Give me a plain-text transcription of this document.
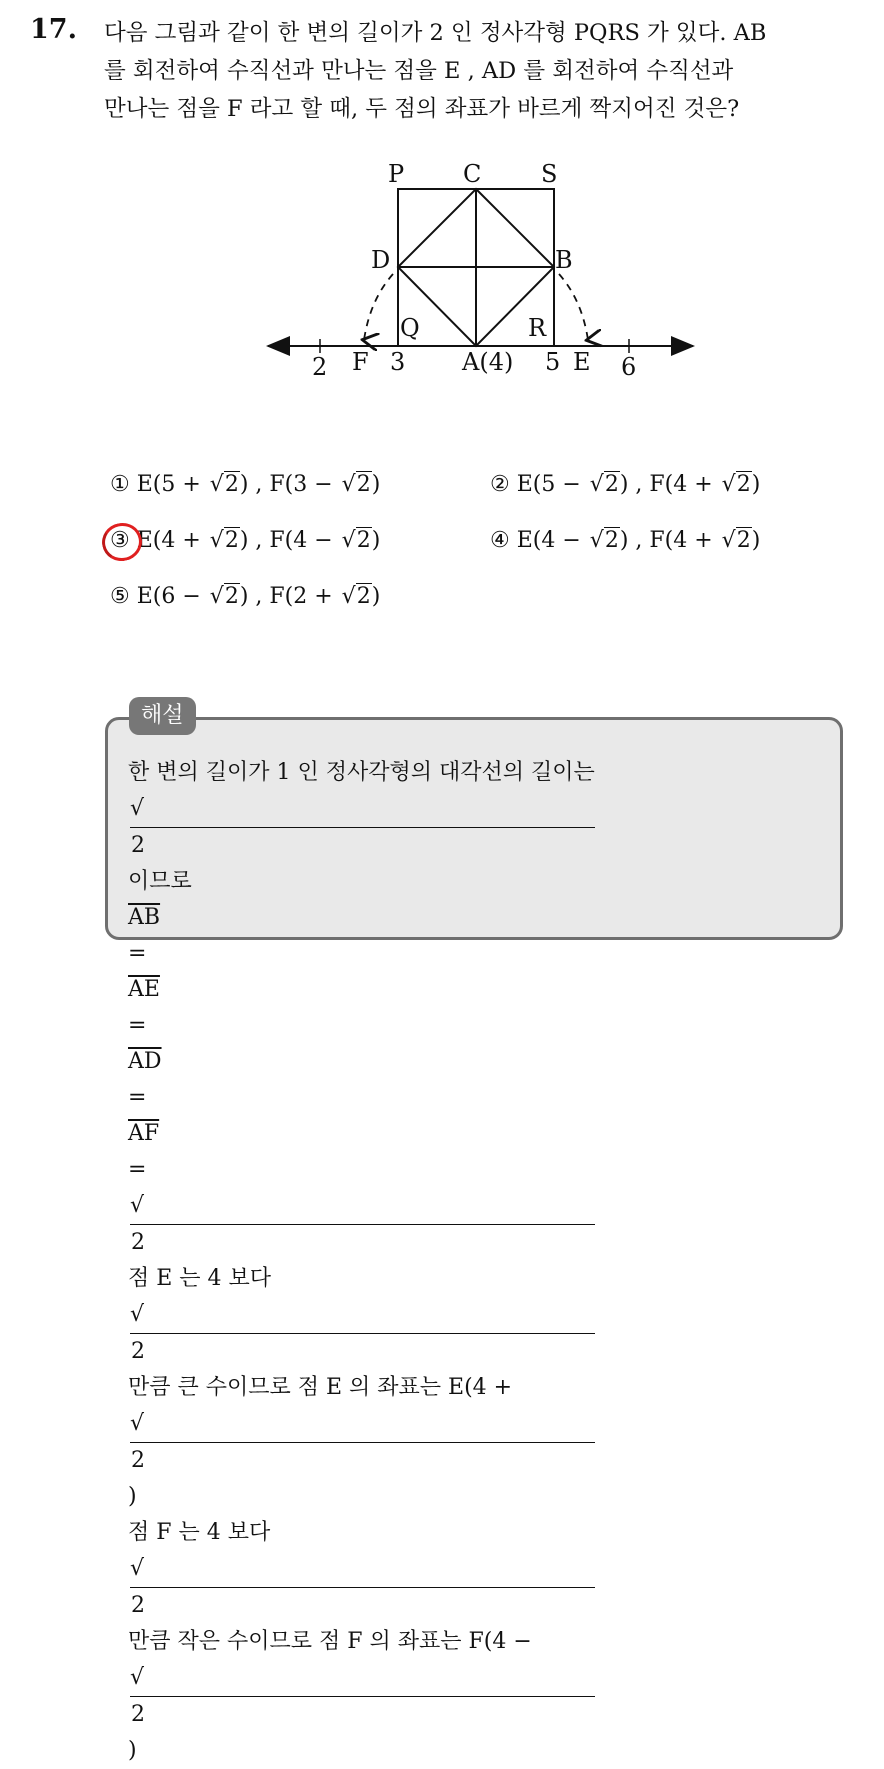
17. 다음 그림과 같이 한 변의 길이가 2 인 정사각형 PQRS 가 있다. AB
를 회전하여 수직선과 만나는 점을 E , AD 를 회전하여 수직선과
만나는 점을 F 라고 할 때, 두 점의 좌표가 바르게 짝지어진 것은?
P C S
D	B
Q	R
A(4)
F	E
2	3	5	6
① E(5 + √2) , F(3 − √2)	② E(5 − √2) , F(4 + √2)
③ E(4 + √2) , F(4 − √2)	④ E(4 − √2) , F(4 + √2)
⑤ E(6 − √2) , F(2 + √2)
해설
한 변의 길이가 1 인 정사각형의 대각선의 길이는
√
2
이므로
$\overline{AB}$
=
$\overline{AE}$
=
$\overline{AD}$
=
$\overline{AF}$
=
√
2
점 E 는 4 보다
√
2
만큼 큰 수이므로 점 E 의 좌표는 E(4 +
√
2
)
점 F 는 4 보다
√
2
만큼 작은 수이므로 점 F 의 좌표는 F(4 −
√
2
)
